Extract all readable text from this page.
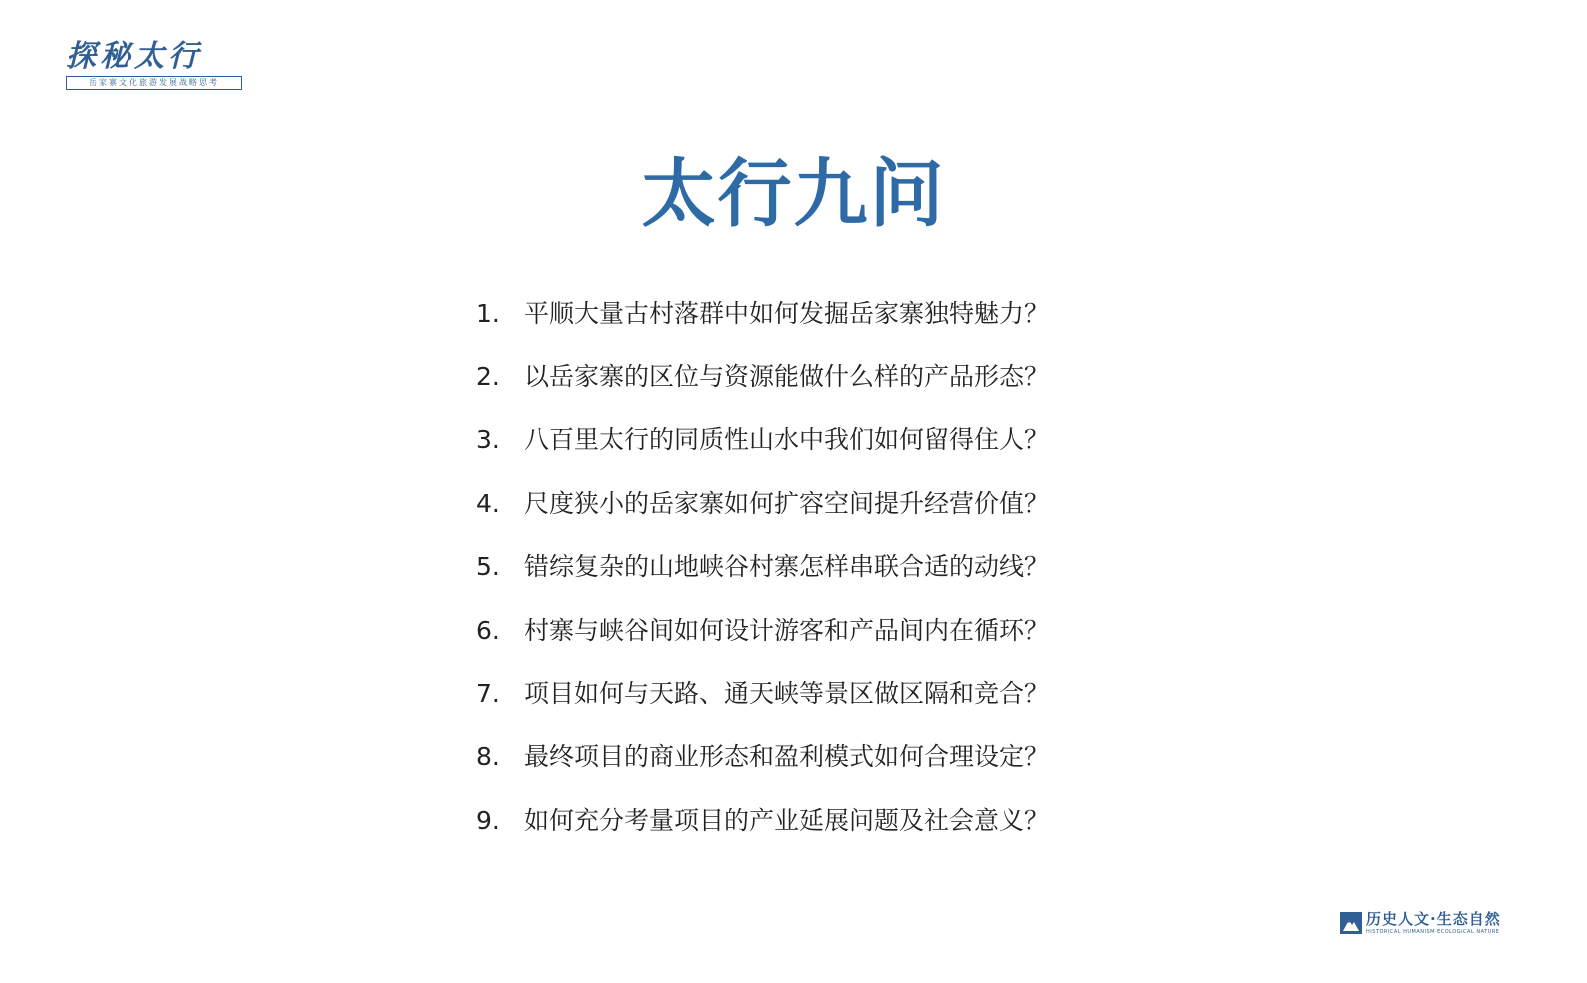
探秘太行
岳家寨文化旅游发展战略思考
太行九问
1. 平顺大量古村落群中如何发掘岳家寨独特魅力？
2. 以岳家寨的区位与资源能做什么样的产品形态？
3. 八百里太行的同质性山水中我们如何留得住人？
4. 尺度狭小的岳家寨如何扩容空间提升经营价值？
5. 错综复杂的山地峡谷村寨怎样串联合适的动线？
6. 村寨与峡谷间如何设计游客和产品间内在循环？
7. 项目如何与天路、通天峡等景区做区隔和竞合？
8. 最终项目的商业形态和盈利模式如何合理设定？
9. 如何充分考量项目的产业延展问题及社会意义？
历史人文·生态自然
HISTORICAL HUMANISM·ECOLOGICAL NATURE
